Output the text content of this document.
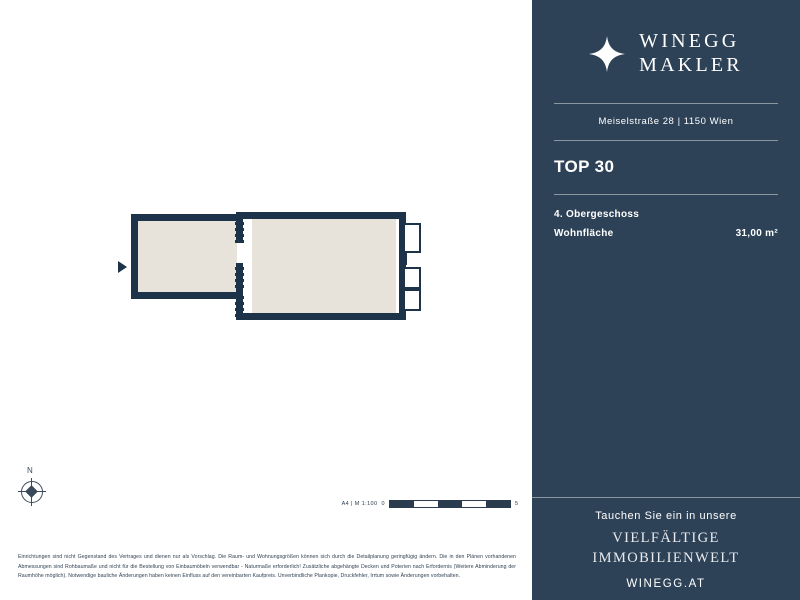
N
A4 | M 1:100 0	5
Einrichtungen sind nicht Gegenstand des Vertrages und dienen nur als Vorschlag. Die Raum- und Wohnungsgrößen können sich durch die Detailplanung geringfügig ändern. Die in den Plänen vorhandenen Abmessungen sind Rohbaumaße und nicht für die Bestellung von Einbaumöbeln verwendbar - Naturmaße erforderlich! Zusätzliche abgehängte Decken und Poterien nach Erfordernis (Weitere Abminderung der Raumhöhe möglich). Notwendige bauliche Änderungen haben keinen Einfluss auf den vereinbarten Kaufpreis. Unverbindliche Plankopie, Druckfehler, Irrtum sowie Änderungen vorbehalten.
WINEGG
MAKLER
Meiselstraße 28 | 1150 Wien
TOP 30
4. Obergeschoss
Wohnfläche	31,00 m²
Tauchen Sie ein in unsere
VIELFÄLTIGE
IMMOBILIENWELT
WINEGG.AT
